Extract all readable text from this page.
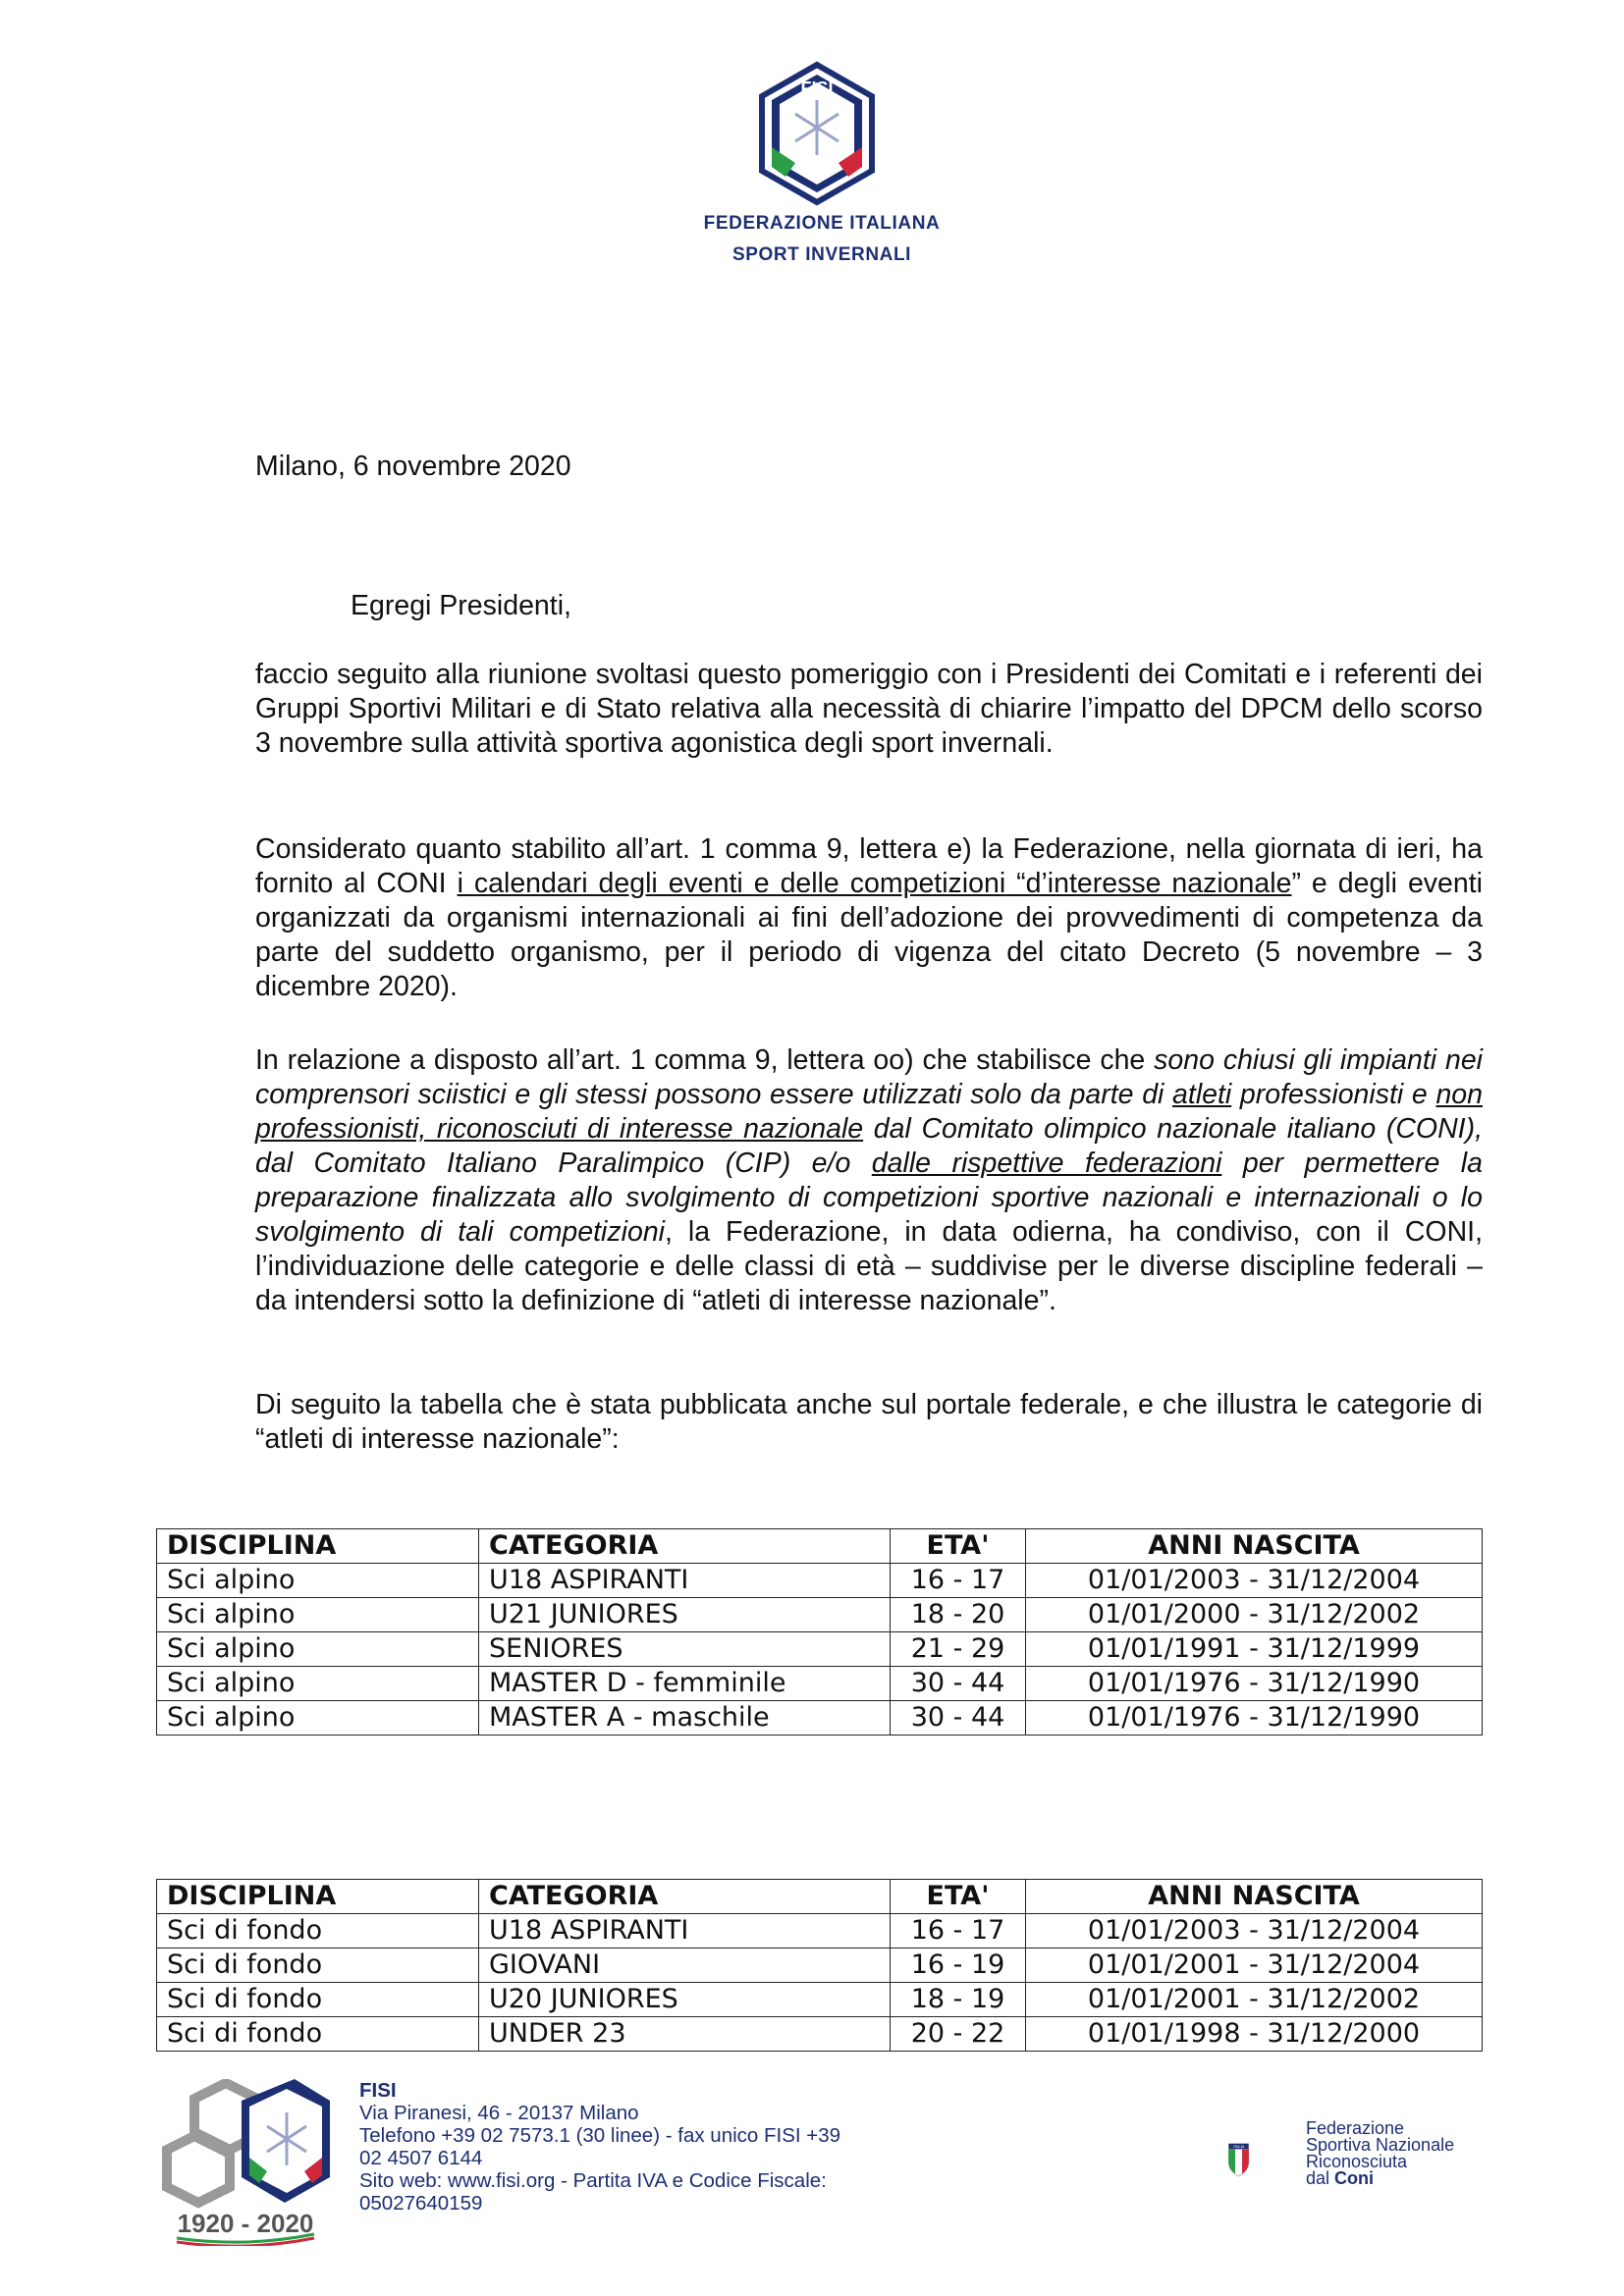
FISI
FEDERAZIONE ITALIANA
SPORT INVERNALI
Milano, 6 novembre 2020
Egregi Presidenti,
faccio seguito alla riunione svoltasi questo pomeriggio con i Presidenti dei Comitati e i referenti dei Gruppi Sportivi Militari e di Stato relativa alla necessità di chiarire l’impatto del DPCM dello scorso 3 novembre sulla attività sportiva agonistica degli sport invernali.
Considerato quanto stabilito all’art. 1 comma 9, lettera e) la Federazione, nella giornata di ieri, ha fornito al CONI i calendari degli eventi e delle competizioni “d’interesse nazionale” e degli eventi organizzati da organismi internazionali ai fini dell’adozione dei provvedimenti di competenza da parte del suddetto organismo, per il periodo di vigenza del citato Decreto (5 novembre – 3 dicembre 2020).
In relazione a disposto all’art. 1 comma 9, lettera oo) che stabilisce che sono chiusi gli impianti nei comprensori sciistici e gli stessi possono essere utilizzati solo da parte di atleti professionisti e non professionisti, riconosciuti di interesse nazionale dal Comitato olimpico nazionale italiano (CONI), dal Comitato Italiano Paralimpico (CIP) e/o dalle rispettive federazioni per permettere la preparazione finalizzata allo svolgimento di competizioni sportive nazionali e internazionali o lo svolgimento di tali competizioni, la Federazione, in data odierna, ha condiviso, con il CONI, l’individuazione delle categorie e delle classi di età – suddivise per le diverse discipline federali – da intendersi sotto la definizione di “atleti di interesse nazionale”.
Di seguito la tabella che è stata pubblicata anche sul portale federale, e che illustra le categorie di “atleti di interesse nazionale”:
DISCIPLINA	CATEGORIA	ETA'	ANNI NASCITA
Sci alpino	U18 ASPIRANTI	16 - 17	01/01/2003 - 31/12/2004
Sci alpino	U21 JUNIORES	18 - 20	01/01/2000 - 31/12/2002
Sci alpino	SENIORES	21 - 29	01/01/1991 - 31/12/1999
Sci alpino	MASTER D - femminile	30 - 44	01/01/1976 - 31/12/1990
Sci alpino	MASTER A - maschile	30 - 44	01/01/1976 - 31/12/1990
DISCIPLINA	CATEGORIA	ETA'	ANNI NASCITA
Sci di fondo	U18 ASPIRANTI	16 - 17	01/01/2003 - 31/12/2004
Sci di fondo	GIOVANI	16 - 19	01/01/2001 - 31/12/2004
Sci di fondo	U20 JUNIORES	18 - 19	01/01/2001 - 31/12/2002
Sci di fondo	UNDER 23	20 - 22	01/01/1998 - 31/12/2000
1920 - 2020
FISI
Via Piranesi, 46 - 20137 Milano
Telefono +39 02 7573.1 (30 linee) - fax unico FISI +39
02 4507 6144
Sito web: www.fisi.org - Partita IVA e Codice Fiscale:
05027640159
ITALIA
Federazione
Sportiva Nazionale
Riconosciuta
dal Coni
